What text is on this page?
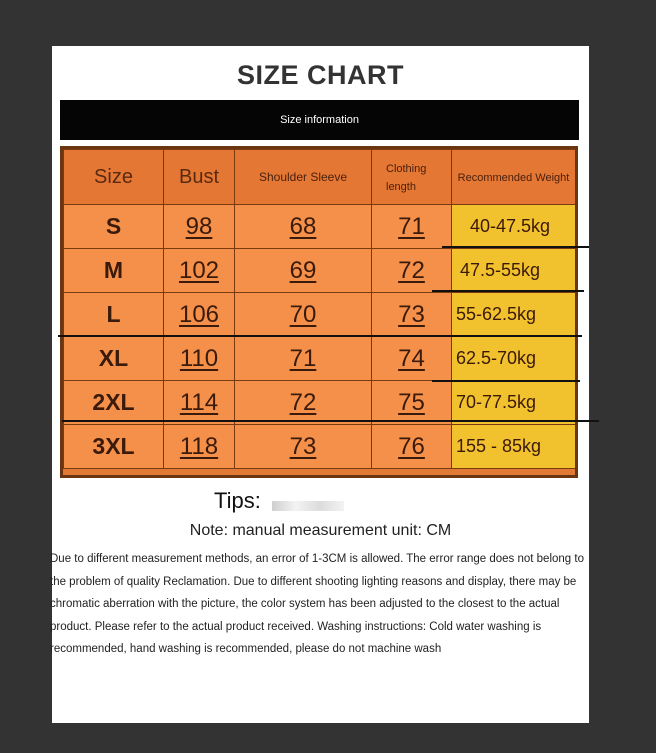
SIZE CHART
Size information
Size	Bust	Shoulder Sleeve	Clothing length	Recommended Weight
S	98	68	71	40-47.5kg
M	102	69	72	47.5-55kg
L	106	70	73	55-62.5kg
XL	110	71	74	62.5-70kg
2XL	114	72	75	70-77.5kg
3XL	118	73	76	155 - 85kg
Tips:
Note: manual measurement unit: CM
Due to different measurement methods, an error of 1-3CM is allowed. The error range does not belong to the problem of quality Reclamation. Due to different shooting lighting reasons and display, there may be chromatic aberration with the picture, the color system has been adjusted to the closest to the actual product. Please refer to the actual product received. Washing instructions: Cold water washing is recommended, hand washing is recommended, please do not machine wash
